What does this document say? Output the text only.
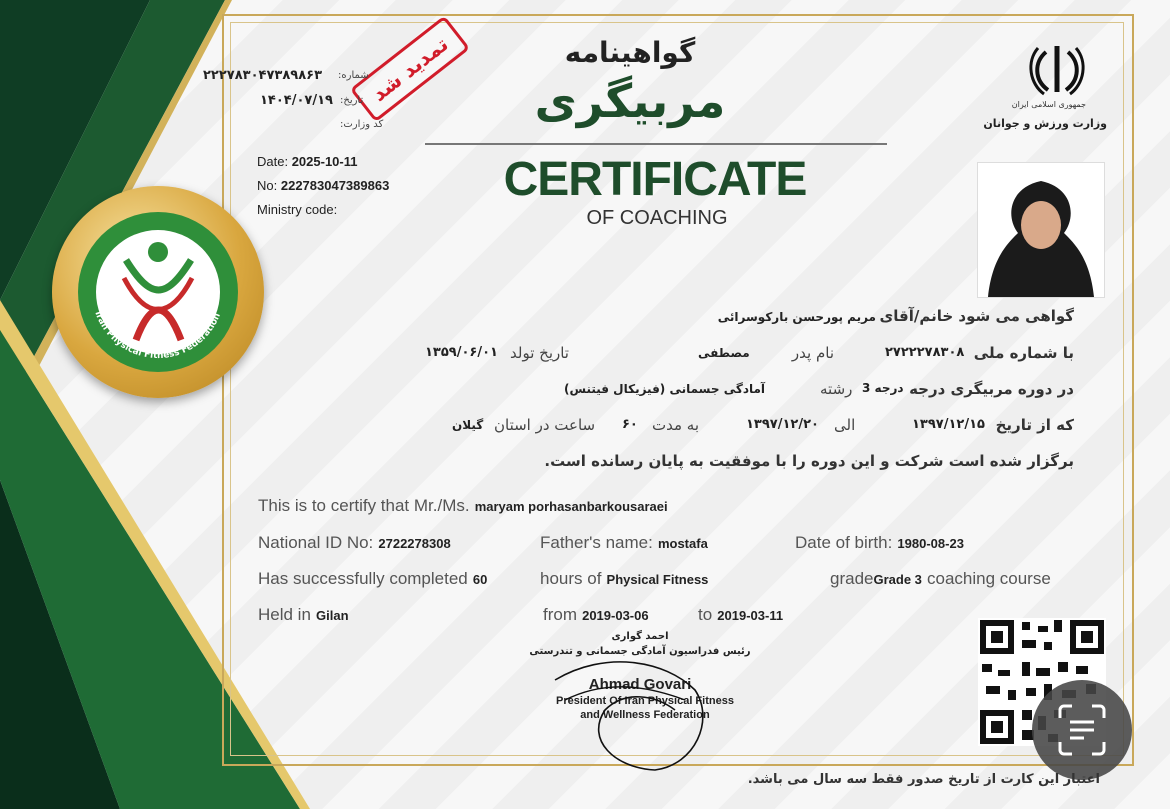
Iran Physical Fitness Federation
جمهوری اسلامی ایران
وزارت ورزش و جوانان
تمدید شد
۲۲۲۷۸۳۰۴۷۳۸۹۸۶۳ شماره:
۱۴۰۴/۰۷/۱۹ تاریخ:
کد وزارت:
Date: 2025-10-11
No: 222783047389863
Ministry code:
گواهینامه
مربیگری
CERTIFICATE
OF COACHING
گواهی می شود خانم/آقای
مریم پورحسن بارکوسرائی
با شماره ملی
۲۷۲۲۲۷۸۳۰۸
نام پدر
مصطفی
تاریخ تولد
۱۳۵۹/۰۶/۰۱
در دوره مربیگری درجه
درجه 3
رشته
آمادگی جسمانی (فیزیکال فیتنس)
که از تاریخ
۱۳۹۷/۱۲/۱۵
الی
۱۳۹۷/۱۲/۲۰
به مدت
۶۰
ساعت در استان
گیلان
برگزار شده است شرکت و این دوره را با موفقیت به پایان رسانده است.
This is to certify that Mr./Ms. maryam porhasanbarkousaraei
National ID No: 2722278308	Father's name: mostafa	Date of birth: 1980-08-23
Has successfully completed 60	hours of Physical Fitness	gradeGrade 3 coaching course
Held in Gilan	from 2019-03-06	to 2019-03-11
احمد گواری
رئیس فدراسیون آمادگی جسمانی و تندرستی
Ahmad Govari
President Of Iran Physical Fitness
and Wellness Federation
اعتبار این کارت از تاریخ صدور فقط سه سال می باشد.
